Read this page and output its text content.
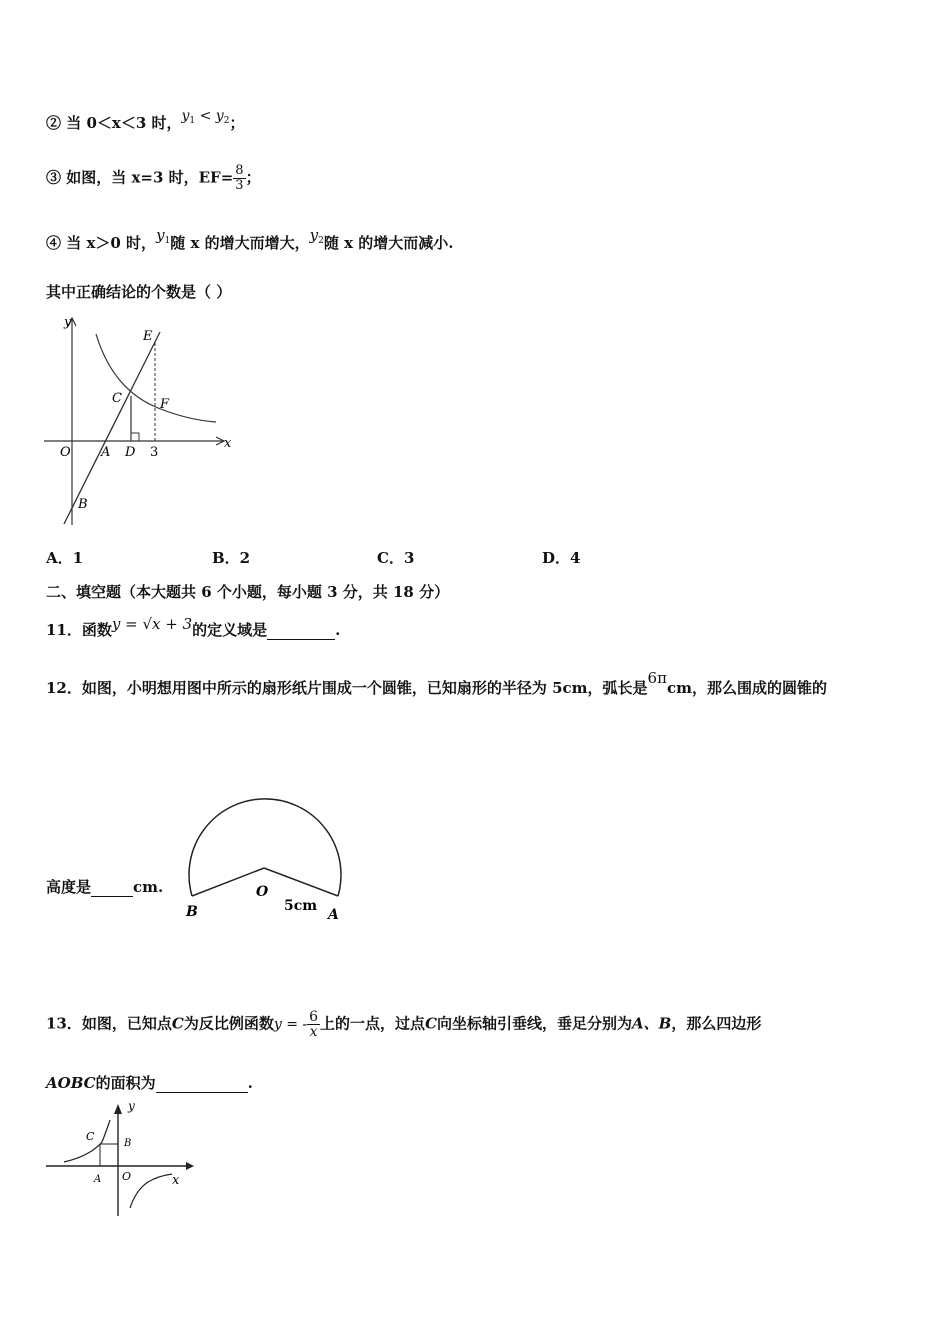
② 当 0＜x＜3 时，$y_1 < y_2$；
③ 如图，当 x=3 时，$EF= \frac{8}{3}$ ；
④ 当 x＞0 时，$y_1$随 x 的增大而增大，$y_2$随 x 的增大而减小.
其中正确结论的个数是（ ）
y
E
C	F
x
O A D 3
B
A．1	B．2	C．3	D．4
二、填空题（本大题共 6 个小题，每小题 3 分，共 18 分）
11．函数y = √x + 3的定义域是	.
12．如图，小明想用图中所示的扇形纸片围成一个圆锥，已知扇形的半径为 5cm，弧长是6πcm，那么围成的圆锥的
高度是	cm.	O
B	A
5cm
13．如图，已知点C为反比例函数y = - $\frac{6}{x}$ 上的一点，过点C向坐标轴引垂线，垂足分别为A、B，那么四边形
AOBC的面积为	.
y
C
B
A O	x
